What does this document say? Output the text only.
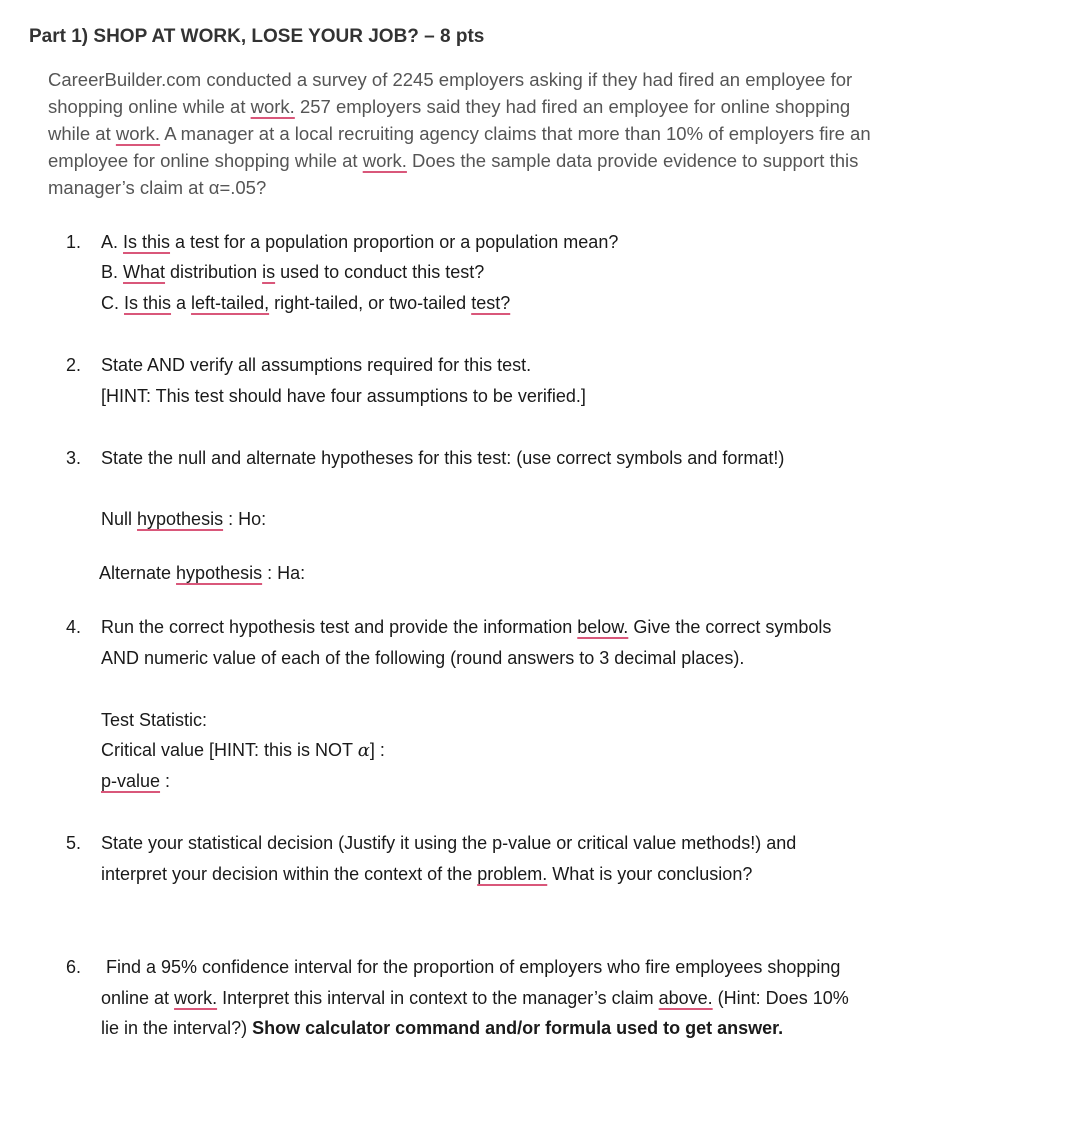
Part 1) SHOP AT WORK, LOSE YOUR JOB? – 8 pts
CareerBuilder.com conducted a survey of 2245 employers asking if they had fired an employee for
shopping online while at work. 257 employers said they had fired an employee for online shopping
while at work. A manager at a local recruiting agency claims that more than 10% of employers fire an
employee for online shopping while at work. Does the sample data provide evidence to support this
manager’s claim at α=.05?
1. A. Is this a test for a population proportion or a population mean?
B. What distribution is used to conduct this test?
C. Is this a left-tailed, right-tailed, or two-tailed test?
2. State AND verify all assumptions required for this test.
[HINT: This test should have four assumptions to be verified.]
3. State the null and alternate hypotheses for this test: (use correct symbols and format!)
Null hypothesis : Ho:
Alternate hypothesis : Ha:
4. Run the correct hypothesis test and provide the information below. Give the correct symbols
AND numeric value of each of the following (round answers to 3 decimal places).
Test Statistic:
Critical value [HINT: this is NOT α] :
p-value :
5. State your statistical decision (Justify it using the p-value or critical value methods!) and
interpret your decision within the context of the problem. What is your conclusion?
6. Find a 95% confidence interval for the proportion of employers who fire employees shopping
online at work. Interpret this interval in context to the manager’s claim above. (Hint: Does 10%
lie in the interval?) Show calculator command and/or formula used to get answer.
